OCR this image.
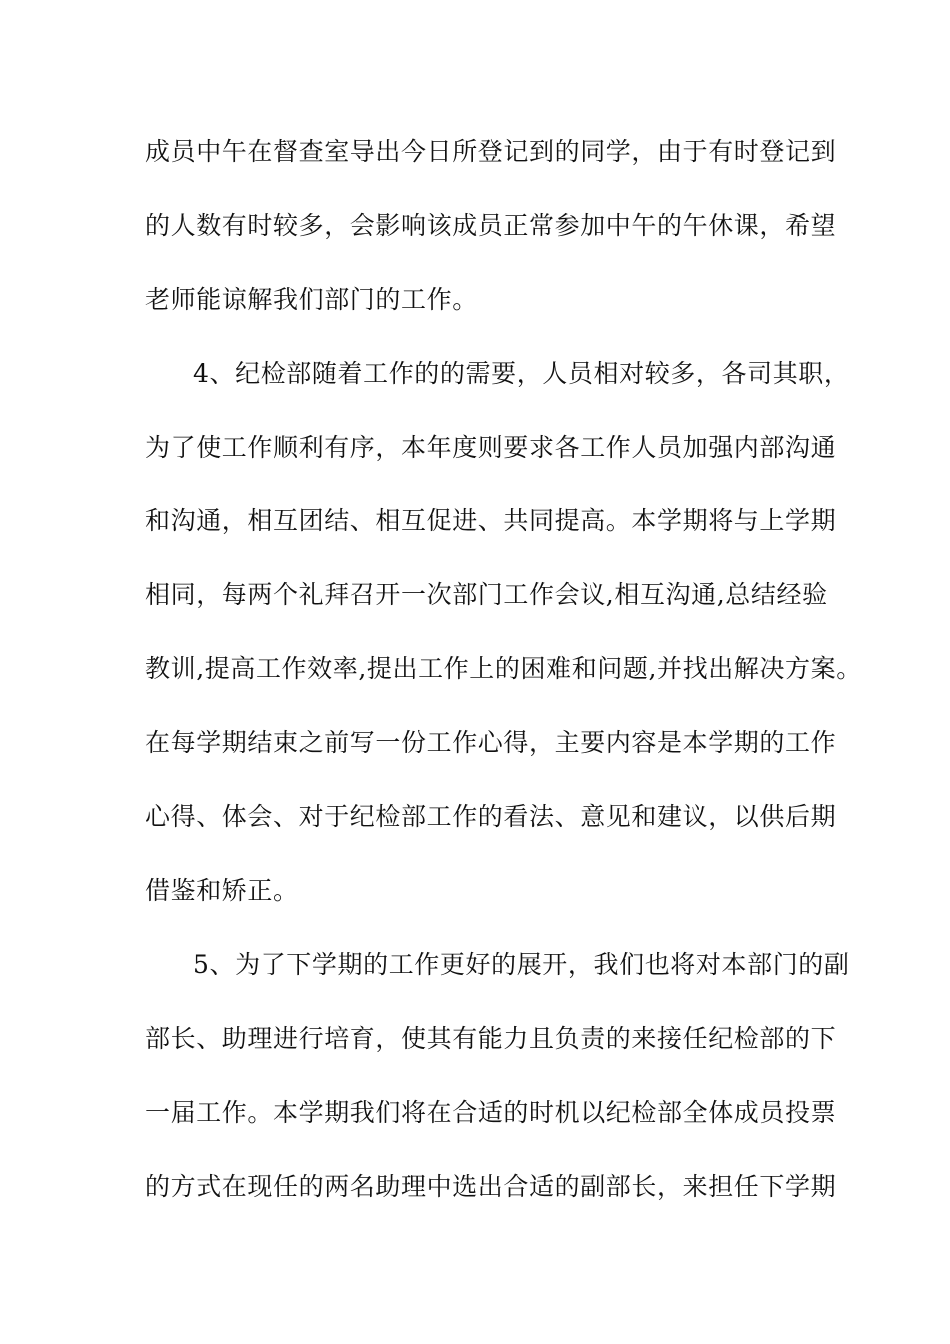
成员中午在督查室导出今日所登记到的同学，由于有时登记到
的人数有时较多，会影响该成员正常参加中午的午休课，希望
老师能谅解我们部门的工作。
4、纪检部随着工作的的需要，人员相对较多，各司其职，
为了使工作顺利有序，本年度则要求各工作人员加强内部沟通
和沟通，相互团结、相互促进、共同提高。本学期将与上学期
相同，每两个礼拜召开一次部门工作会议,相互沟通,总结经验
教训,提高工作效率,提出工作上的困难和问题,并找出解决方案。
在每学期结束之前写一份工作心得，主要内容是本学期的工作
心得、体会、对于纪检部工作的看法、意见和建议，以供后期
借鉴和矫正。
5、为了下学期的工作更好的展开，我们也将对本部门的副
部长、助理进行培育，使其有能力且负责的来接任纪检部的下
一届工作。本学期我们将在合适的时机以纪检部全体成员投票
的方式在现任的两名助理中选出合适的副部长，来担任下学期
